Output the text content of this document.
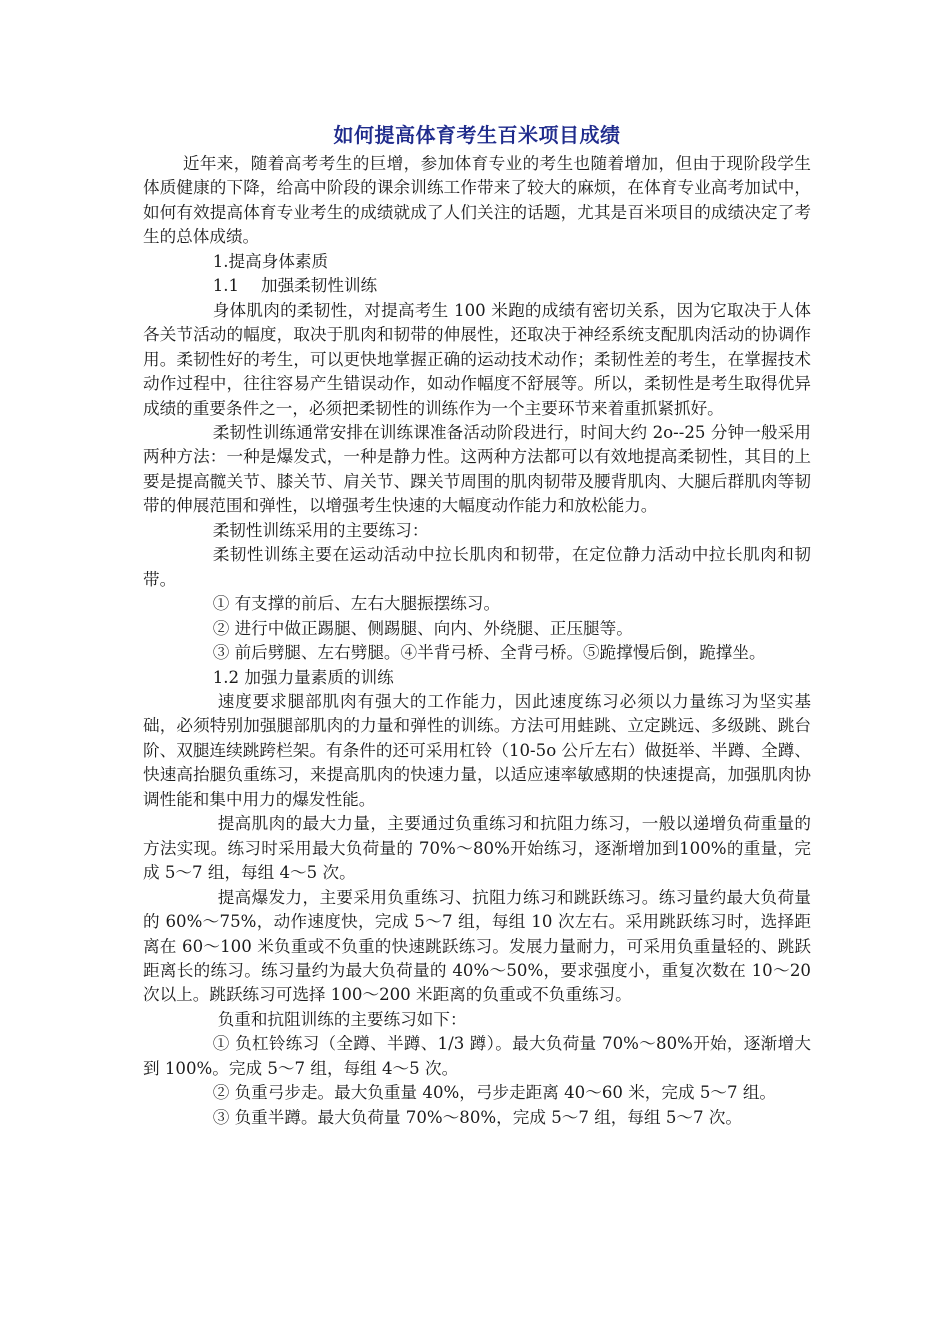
如何提高体育考生百米项目成绩

近年来，随着高考考生的巨增，参加体育专业的考生也随着增加，但由于现阶段学生体质健康的下降，给高中阶段的课余训练工作带来了较大的麻烦，在体育专业高考加试中，如何有效提高体育专业考生的成绩就成了人们关注的话题，尤其是百米项目的成绩决定了考生的总体成绩。

1.提高身体素质

1.1　 加强柔韧性训练

身体肌肉的柔韧性，对提高考生 100 米跑的成绩有密切关系，因为它取决于人体各关节活动的幅度，取决于肌肉和韧带的伸展性，还取决于神经系统支配肌肉活动的协调作用。柔韧性好的考生，可以更快地掌握正确的运动技术动作；柔韧性差的考生，在掌握技术动作过程中，往往容易产生错误动作，如动作幅度不舒展等。所以，柔韧性是考生取得优异成绩的重要条件之一，必须把柔韧性的训练作为一个主要环节来着重抓紧抓好。

柔韧性训练通常安排在训练课准备活动阶段进行，时间大约 2o--25 分钟一般采用两种方法：一种是爆发式，一种是静力性。这两种方法都可以有效地提高柔韧性，其目的上要是提高髋关节、膝关节、肩关节、踝关节周围的肌肉韧带及腰背肌肉、大腿后群肌肉等韧带的伸展范围和弹性，以增强考生快速的大幅度动作能力和放松能力。

柔韧性训练采用的主要练习：

柔韧性训练主要在运动活动中拉长肌肉和韧带，在定位静力活动中拉长肌肉和韧带。

① 有支撑的前后、左右大腿振摆练习。

② 进行中做正踢腿、侧踢腿、向内、外绕腿、正压腿等。

③ 前后劈腿、左右劈腿。④半背弓桥、全背弓桥。⑤跪撑慢后倒，跪撑坐。

1.2 加强力量素质的训练

速度要求腿部肌肉有强大的工作能力，因此速度练习必须以力量练习为坚实基础，必须特别加强腿部肌肉的力量和弹性的训练。方法可用蛙跳、立定跳远、多级跳、跳台阶、双腿连续跳跨栏架。有条件的还可采用杠铃（10-5o 公斤左右）做挺举、半蹲、全蹲、快速高抬腿负重练习，来提高肌肉的快速力量，以适应速率敏感期的快速提高，加强肌肉协调性能和集中用力的爆发性能。

提高肌肉的最大力量，主要通过负重练习和抗阻力练习，一般以递增负荷重量的方法实现。练习时采用最大负荷量的 70%～80%开始练习，逐渐增加到100%的重量，完成 5～7 组，每组 4～5 次。

提高爆发力，主要采用负重练习、抗阻力练习和跳跃练习。练习量约最大负荷量的 60%～75%，动作速度快，完成 5～7 组，每组 10 次左右。采用跳跃练习时，选择距离在 60～100 米负重或不负重的快速跳跃练习。发展力量耐力，可采用负重量轻的、跳跃距离长的练习。练习量约为最大负荷量的 40%～50%，要求强度小，重复次数在 10～20 次以上。跳跃练习可选择 100～200 米距离的负重或不负重练习。

负重和抗阻训练的主要练习如下：

① 负杠铃练习（全蹲、半蹲、1/3 蹲）。最大负荷量 70%～80%开始，逐渐增大到 100%。完成 5～7 组，每组 4～5 次。

② 负重弓步走。最大负重量 40%，弓步走距离 40～60 米，完成 5～7 组。

③ 负重半蹲。最大负荷量 70%～80%，完成 5～7 组，每组 5～7 次。
